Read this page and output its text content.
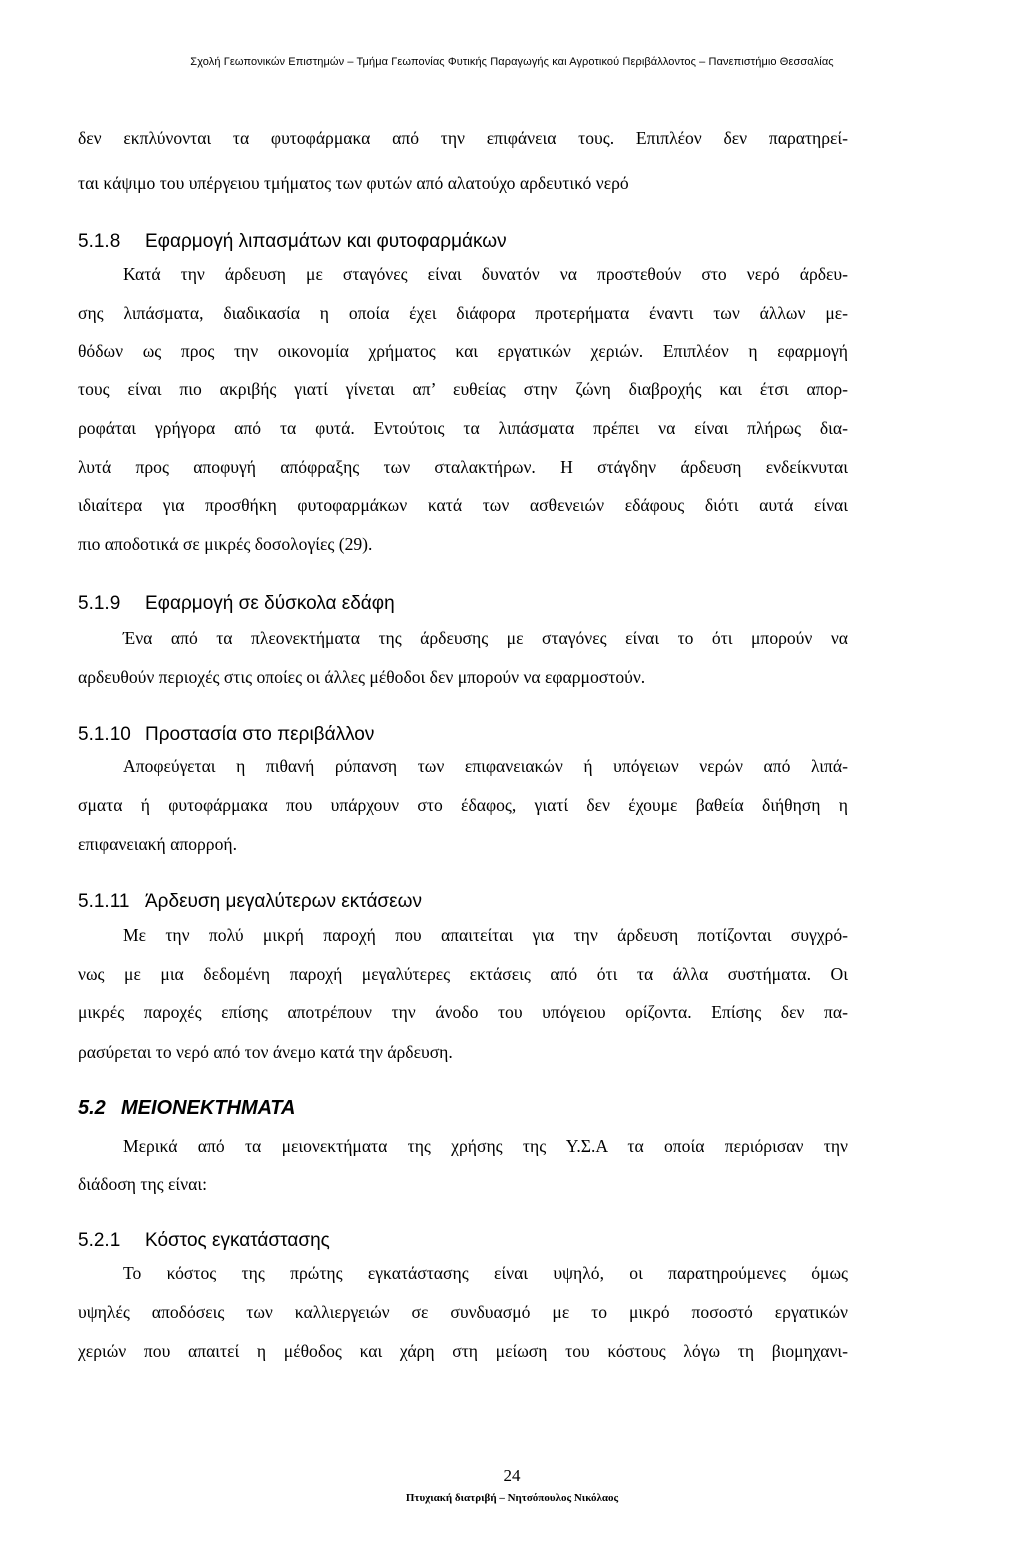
Σχολή Γεωπονικών Επιστημών – Τμήμα Γεωπονίας Φυτικής Παραγωγής και Αγροτικού Περιβάλλοντος – Πανεπιστήμιο Θεσσαλίας
δεν εκπλύνονται τα φυτοφάρμακα από την επιφάνεια τους. Επιπλέον δεν παρατηρεί-
ται κάψιμο του υπέργειου τμήματος των φυτών από αλατούχο αρδευτικό νερό
5.1.8 Εφαρμογή λιπασμάτων και φυτοφαρμάκων
Κατά την άρδευση με σταγόνες είναι δυνατόν να προστεθούν στο νερό άρδευ-
σης λιπάσματα, διαδικασία η οποία έχει διάφορα προτερήματα έναντι των άλλων με-
θόδων ως προς την οικονομία χρήματος και εργατικών χεριών. Επιπλέον η εφαρμογή
τους είναι πιο ακριβής γιατί γίνεται απ’ ευθείας στην ζώνη διαβροχής και έτσι απορ-
ροφάται γρήγορα από τα φυτά. Εντούτοις τα λιπάσματα πρέπει να είναι πλήρως δια-
λυτά προς αποφυγή απόφραξης των σταλακτήρων. Η στάγδην άρδευση ενδείκνυται
ιδιαίτερα για προσθήκη φυτοφαρμάκων κατά των ασθενειών εδάφους διότι αυτά είναι
πιο αποδοτικά σε μικρές δοσολογίες (29).
5.1.9 Εφαρμογή σε δύσκολα εδάφη
Ένα από τα πλεονεκτήματα της άρδευσης με σταγόνες είναι το ότι μπορούν να
αρδευθούν περιοχές στις οποίες οι άλλες μέθοδοι δεν μπορούν να εφαρμοστούν.
5.1.10 Προστασία στο περιβάλλον
Αποφεύγεται η πιθανή ρύπανση των επιφανειακών ή υπόγειων νερών από λιπά-
σματα ή φυτοφάρμακα που υπάρχουν στο έδαφος, γιατί δεν έχουμε βαθεία διήθηση η
επιφανειακή απορροή.
5.1.11 Άρδευση μεγαλύτερων εκτάσεων
Με την πολύ μικρή παροχή που απαιτείται για την άρδευση ποτίζονται συγχρό-
νως με μια δεδομένη παροχή μεγαλύτερες εκτάσεις από ότι τα άλλα συστήματα. Οι
μικρές παροχές επίσης αποτρέπουν την άνοδο του υπόγειου ορίζοντα. Επίσης δεν πα-
ρασύρεται το νερό από τον άνεμο κατά την άρδευση.
5.2 ΜΕΙΟΝΕΚΤΗΜΑΤΑ
Μερικά από τα μειονεκτήματα της χρήσης της Υ.Σ.Α τα οποία περιόρισαν την
διάδοση της είναι:
5.2.1 Κόστος εγκατάστασης
Το κόστος της πρώτης εγκατάστασης είναι υψηλό, οι παρατηρούμενες όμως
υψηλές αποδόσεις των καλλιεργειών σε συνδυασμό με το μικρό ποσοστό εργατικών
χεριών που απαιτεί η μέθοδος και χάρη στη μείωση του κόστους λόγω τη βιομηχανι-
24
Πτυχιακή διατριβή – Νητσόπουλος Νικόλαος
